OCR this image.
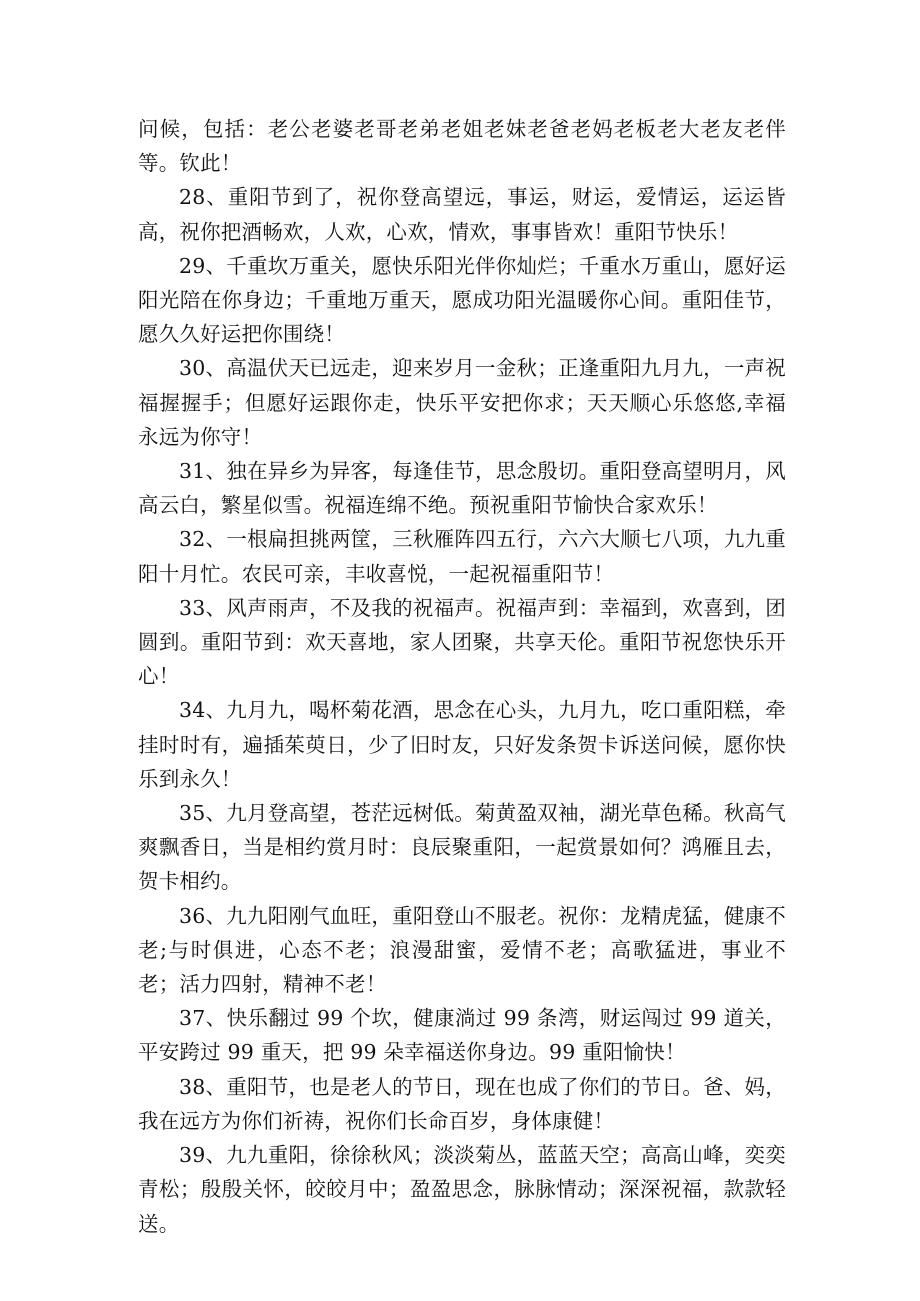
问候，包括：老公老婆老哥老弟老姐老妹老爸老妈老板老大老友老伴等。钦此！

28、重阳节到了，祝你登高望远，事运，财运，爱情运，运运皆高，祝你把酒畅欢，人欢，心欢，情欢，事事皆欢！重阳节快乐！

29、千重坎万重关，愿快乐阳光伴你灿烂；千重水万重山，愿好运阳光陪在你身边；千重地万重天，愿成功阳光温暖你心间。重阳佳节，愿久久好运把你围绕！

30、高温伏天已远走，迎来岁月一金秋；正逢重阳九月九，一声祝福握握手；但愿好运跟你走，快乐平安把你求；天天顺心乐悠悠,幸福永远为你守！

31、独在异乡为异客，每逢佳节，思念殷切。重阳登高望明月，风高云白，繁星似雪。祝福连绵不绝。预祝重阳节愉快合家欢乐！

32、一根扁担挑两筐，三秋雁阵四五行，六六大顺七八项，九九重阳十月忙。农民可亲，丰收喜悦，一起祝福重阳节！

33、风声雨声，不及我的祝福声。祝福声到：幸福到，欢喜到，团圆到。重阳节到：欢天喜地，家人团聚，共享天伦。重阳节祝您快乐开心！

34、九月九，喝杯菊花酒，思念在心头，九月九，吃口重阳糕，牵挂时时有，遍插茱萸日，少了旧时友，只好发条贺卡诉送问候，愿你快乐到永久！

35、九月登高望，苍茫远树低。菊黄盈双袖，湖光草色稀。秋高气爽飘香日，当是相约赏月时：良辰聚重阳，一起赏景如何？鸿雁且去，贺卡相约。

36、九九阳刚气血旺，重阳登山不服老。祝你：龙精虎猛，健康不老;与时俱进，心态不老；浪漫甜蜜，爱情不老；高歌猛进，事业不老；活力四射，精神不老！

37、快乐翻过 99 个坎，健康淌过 99 条湾，财运闯过 99 道关，平安跨过 99 重天，把 99 朵幸福送你身边。99 重阳愉快！

38、重阳节，也是老人的节日，现在也成了你们的节日。爸、妈，我在远方为你们祈祷，祝你们长命百岁，身体康健！

39、九九重阳，徐徐秋风；淡淡菊丛，蓝蓝天空；高高山峰，奕奕青松；殷殷关怀，皎皎月中；盈盈思念，脉脉情动；深深祝福，款款轻送。
